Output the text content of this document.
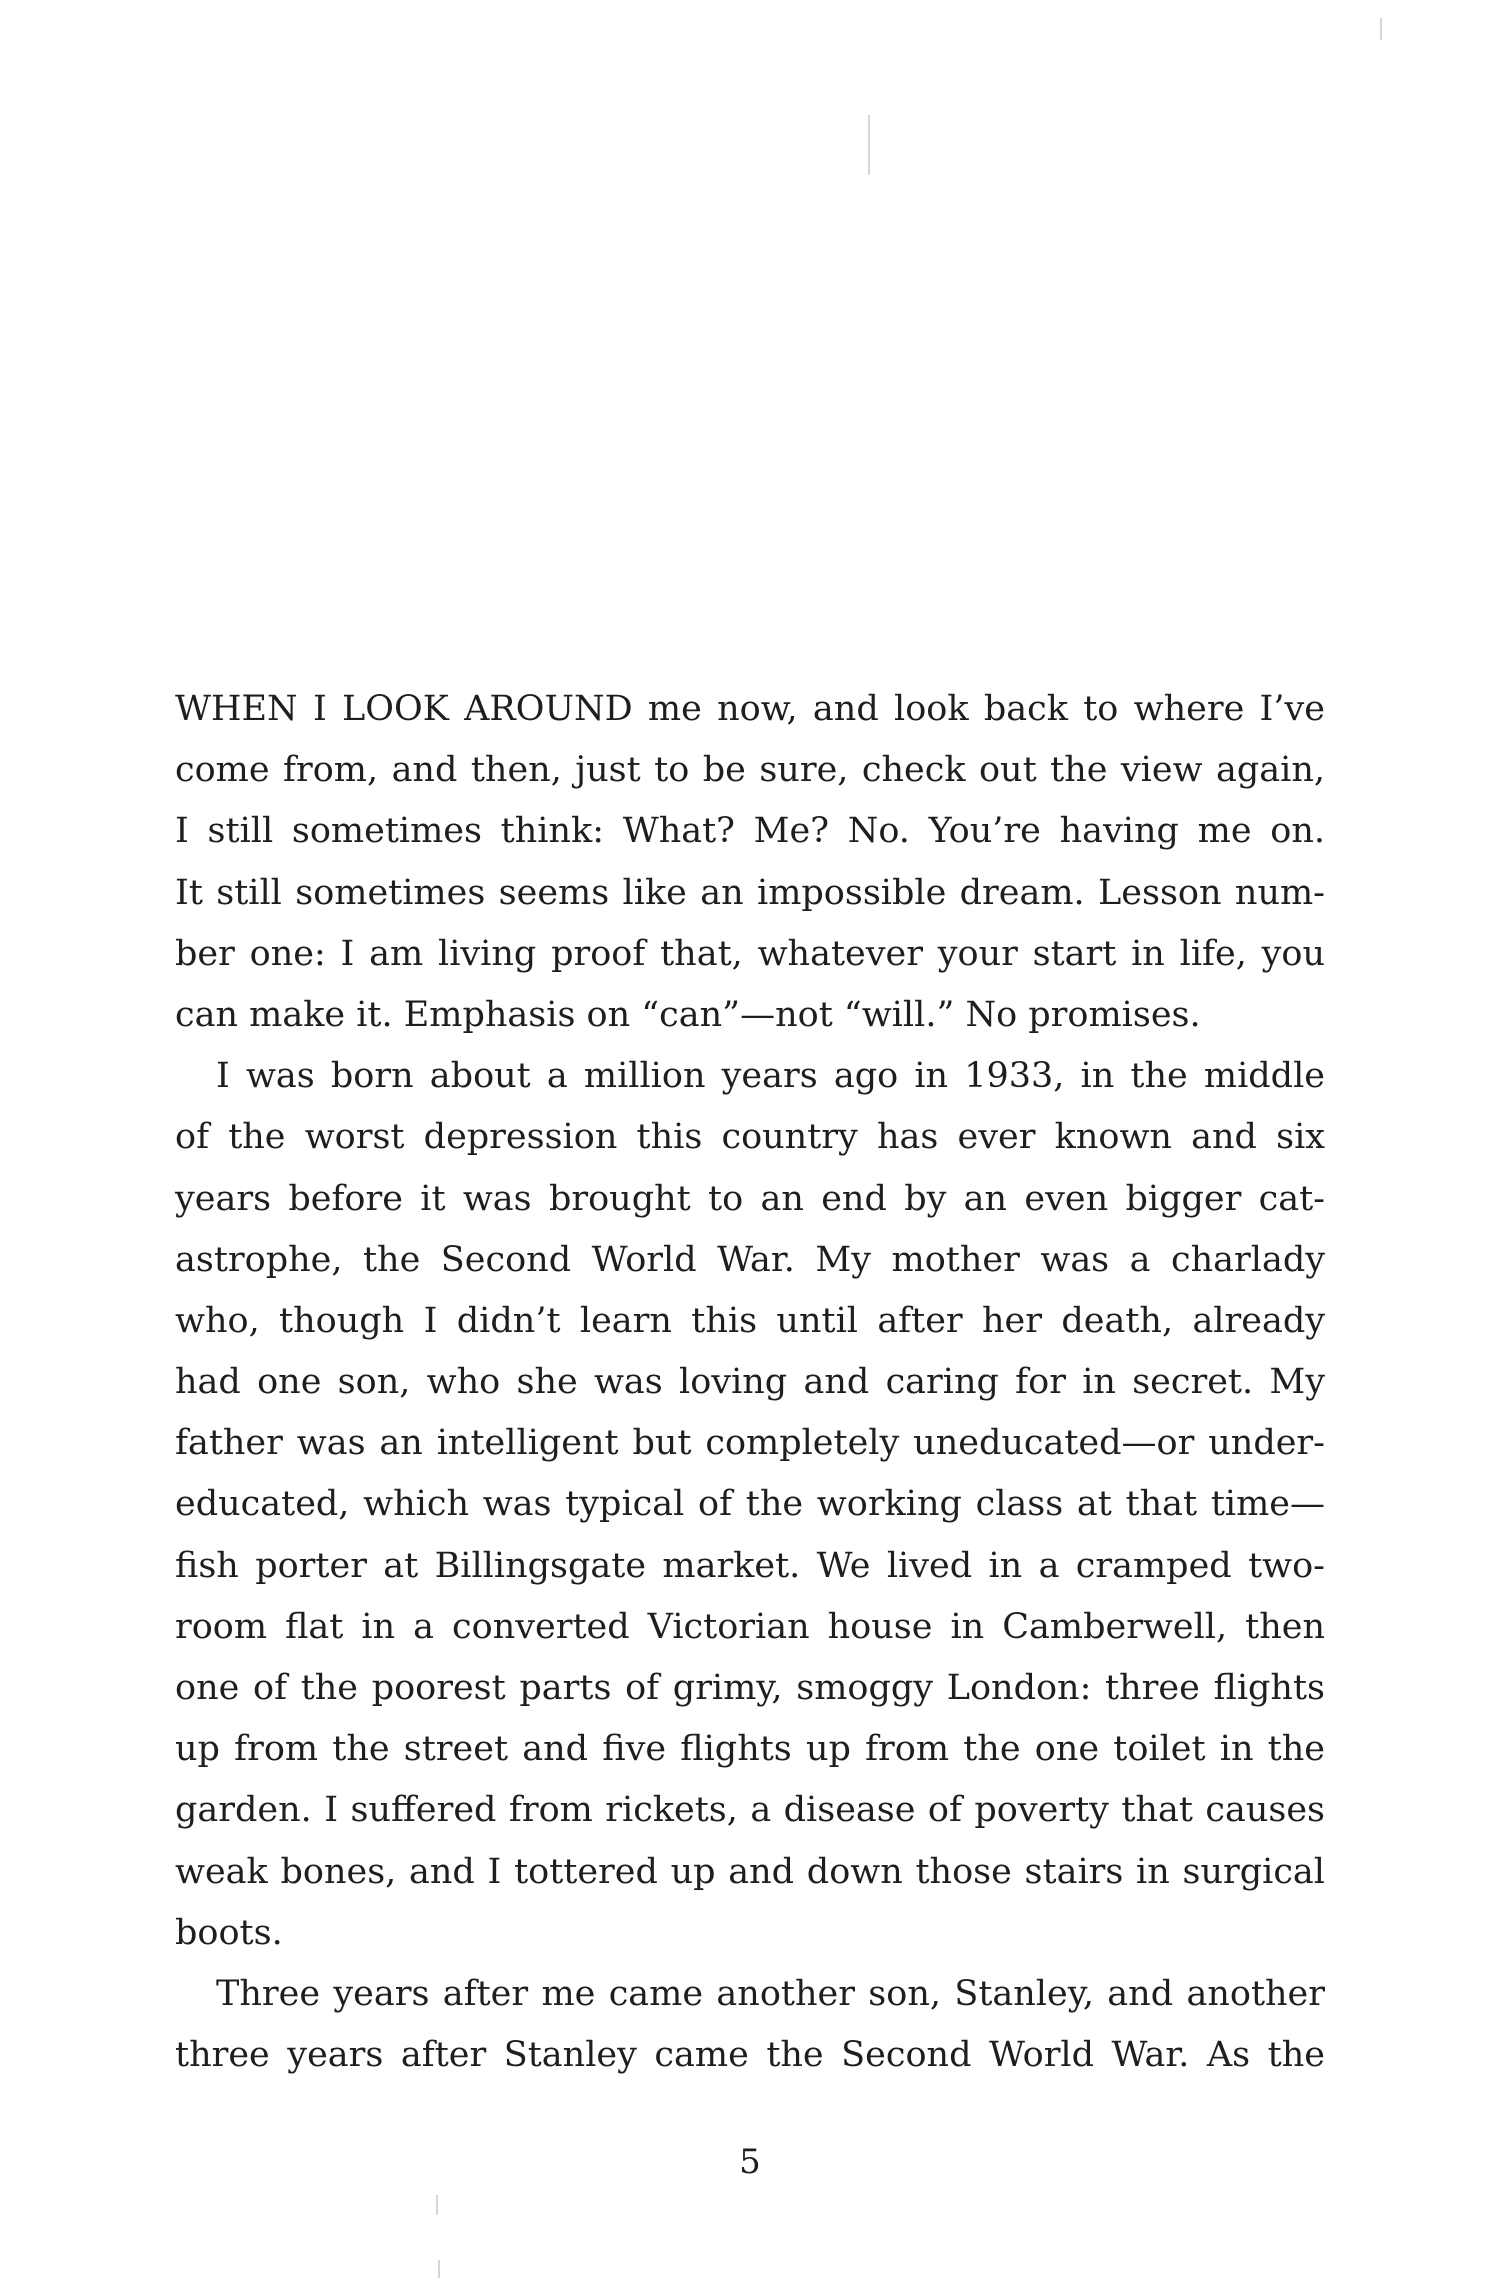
WHEN I LOOK AROUND me now, and look back to where I’ve
come from, and then, just to be sure, check out the view again,
I still sometimes think: What? Me? No. You’re having me on.
It still sometimes seems like an impossible dream. Lesson num-
ber one: I am living proof that, whatever your start in life, you
can make it. Emphasis on “can”—not “will.” No promises.
I was born about a million years ago in 1933, in the middle
of the worst depression this country has ever known and six
years before it was brought to an end by an even bigger cat-
astrophe, the Second World War. My mother was a charlady
who, though I didn’t learn this until after her death, already
had one son, who she was loving and caring for in secret. My
father was an intelligent but completely uneducated—or under-
educated, which was typical of the working class at that time—
fish porter at Billingsgate market. We lived in a cramped two-
room flat in a converted Victorian house in Camberwell, then
one of the poorest parts of grimy, smoggy London: three flights
up from the street and five flights up from the one toilet in the
garden. I suffered from rickets, a disease of poverty that causes
weak bones, and I tottered up and down those stairs in surgical
boots.
Three years after me came another son, Stanley, and another
three years after Stanley came the Second World War. As the
5
